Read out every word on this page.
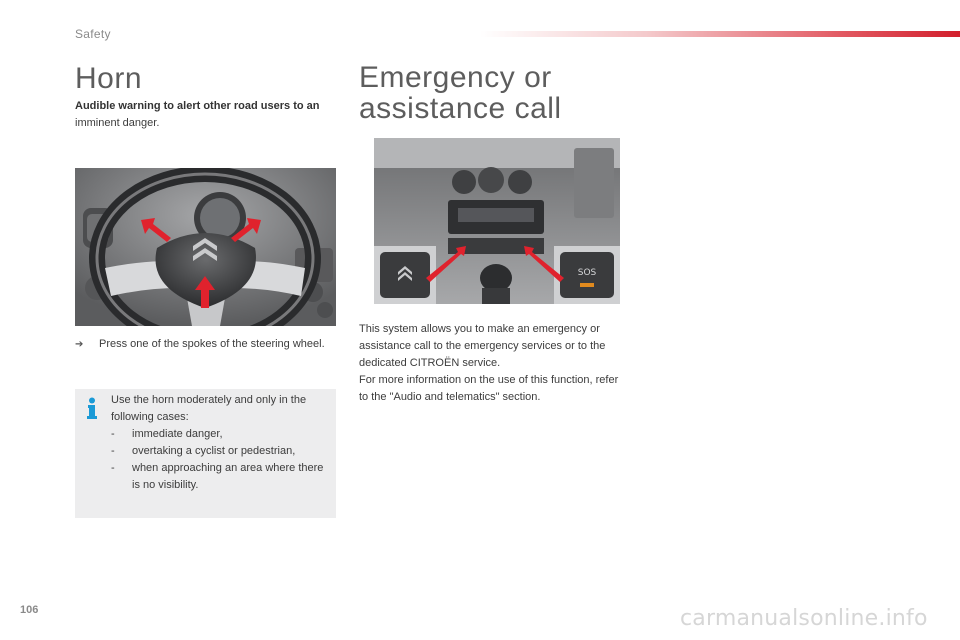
Safety
Horn
Audible warning to alert other road users to an
imminent danger.
➔	Press one of the spokes of the steering wheel.

Use the horn moderately and only in the following cases:

-	immediate danger,
-	overtaking a cyclist or pedestrian,
-	when approaching an area where there is no visibility.
Emergency or
assistance call
SOS

This system allows you to make an emergency or assistance call to the emergency services or to the dedicated CITROËN service.

For more information on the use of this function, refer to the "Audio and telematics" section.

106	carmanualsonline.info
